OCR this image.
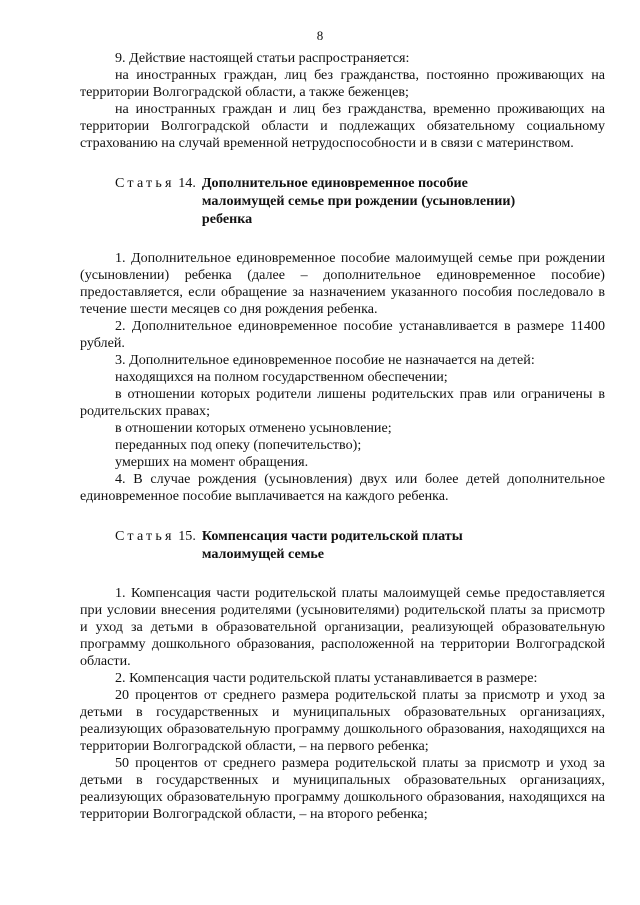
8

9. Действие настоящей статьи распространяется:

на иностранных граждан, лиц без гражданства, постоянно проживающих на территории Волгоградской области, а также беженцев;

на иностранных граждан и лиц без гражданства, временно проживающих на территории Волгоградской области и подлежащих обязательному социальному страхованию на случай временной нетрудоспособности и в связи с материнством.

Статья 14. Дополнительное единовременное пособие
малоимущей семье при рождении (усыновлении)
ребенка

1. Дополнительное единовременное пособие малоимущей семье при рождении (усыновлении) ребенка (далее – дополнительное единовременное пособие) предоставляется, если обращение за назначением указанного пособия последовало в течение шести месяцев со дня рождения ребенка.

2. Дополнительное единовременное пособие устанавливается в размере 11400 рублей.

3. Дополнительное единовременное пособие не назначается на детей:

находящихся на полном государственном обеспечении;

в отношении которых родители лишены родительских прав или ограничены в родительских правах;

в отношении которых отменено усыновление;

переданных под опеку (попечительство);

умерших на момент обращения.

4. В случае рождения (усыновления) двух или более детей дополнительное единовременное пособие выплачивается на каждого ребенка.

Статья 15. Компенсация части родительской платы
малоимущей семье

1. Компенсация части родительской платы малоимущей семье предоставляется при условии внесения родителями (усыновителями) родительской платы за присмотр и уход за детьми в образовательной организации, реализующей образовательную программу дошкольного образования, расположенной на территории Волгоградской области.

2. Компенсация части родительской платы устанавливается в размере:

20 процентов от среднего размера родительской платы за присмотр и уход за детьми в государственных и муниципальных образовательных организациях, реализующих образовательную программу дошкольного образования, находящихся на территории Волгоградской области, – на первого ребенка;

50 процентов от среднего размера родительской платы за присмотр и уход за детьми в государственных и муниципальных образовательных организациях, реализующих образовательную программу дошкольного образования, находящихся на территории Волгоградской области, – на второго ребенка;
